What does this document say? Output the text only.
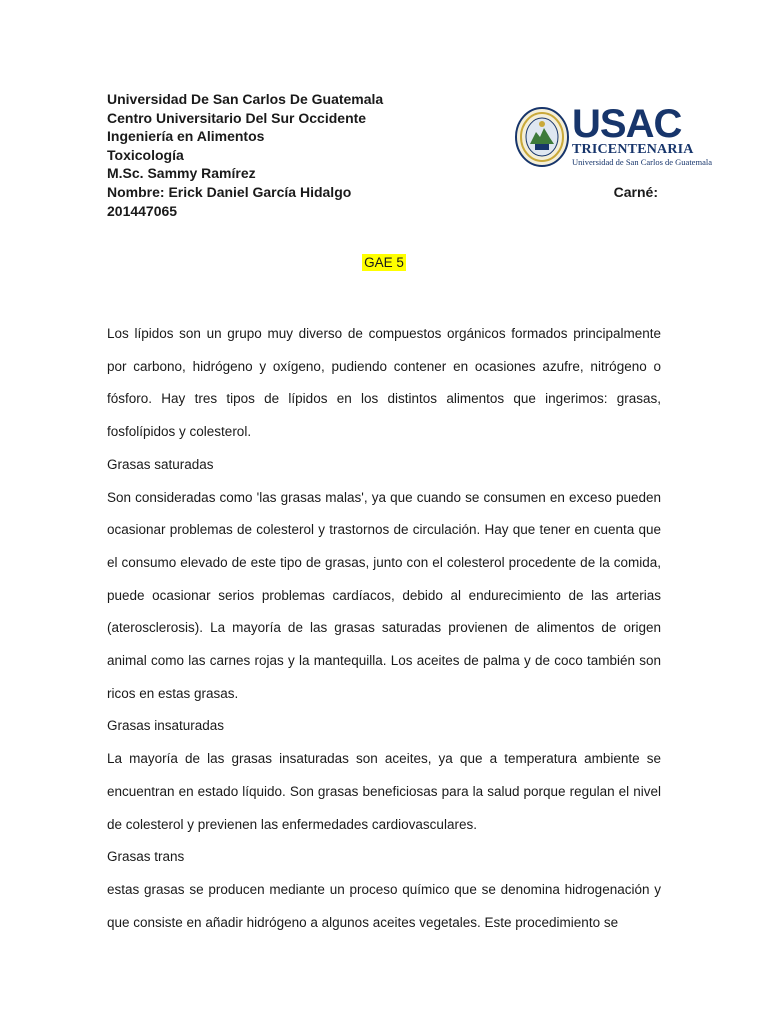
Universidad De San Carlos De Guatemala
Centro Universitario Del Sur Occidente
Ingeniería en Alimentos
Toxicología
M.Sc. Sammy Ramírez
Nombre: Erick Daniel García Hidalgo	Carné:
201447065
USAC
TRICENTENARIA
Universidad de San Carlos de Guatemala
GAE 5

Los lípidos son un grupo muy diverso de compuestos orgánicos formados principalmente por carbono, hidrógeno y oxígeno, pudiendo contener en ocasiones azufre, nitrógeno o fósforo. Hay tres tipos de lípidos en los distintos alimentos que ingerimos: grasas, fosfolípidos y colesterol.

Grasas saturadas

Son consideradas como 'las grasas malas', ya que cuando se consumen en exceso pueden ocasionar problemas de colesterol y trastornos de circulación. Hay que tener en cuenta que el consumo elevado de este tipo de grasas, junto con el colesterol procedente de la comida, puede ocasionar serios problemas cardíacos, debido al endurecimiento de las arterias (aterosclerosis). La mayoría de las grasas saturadas provienen de alimentos de origen animal como las carnes rojas y la mantequilla. Los aceites de palma y de coco también son ricos en estas grasas.

Grasas insaturadas

La mayoría de las grasas insaturadas son aceites, ya que a temperatura ambiente se encuentran en estado líquido. Son grasas beneficiosas para la salud porque regulan el nivel de colesterol y previenen las enfermedades cardiovasculares.

Grasas trans

estas grasas se producen mediante un proceso químico que se denomina hidrogenación y que consiste en añadir hidrógeno a algunos aceites vegetales. Este procedimiento se
